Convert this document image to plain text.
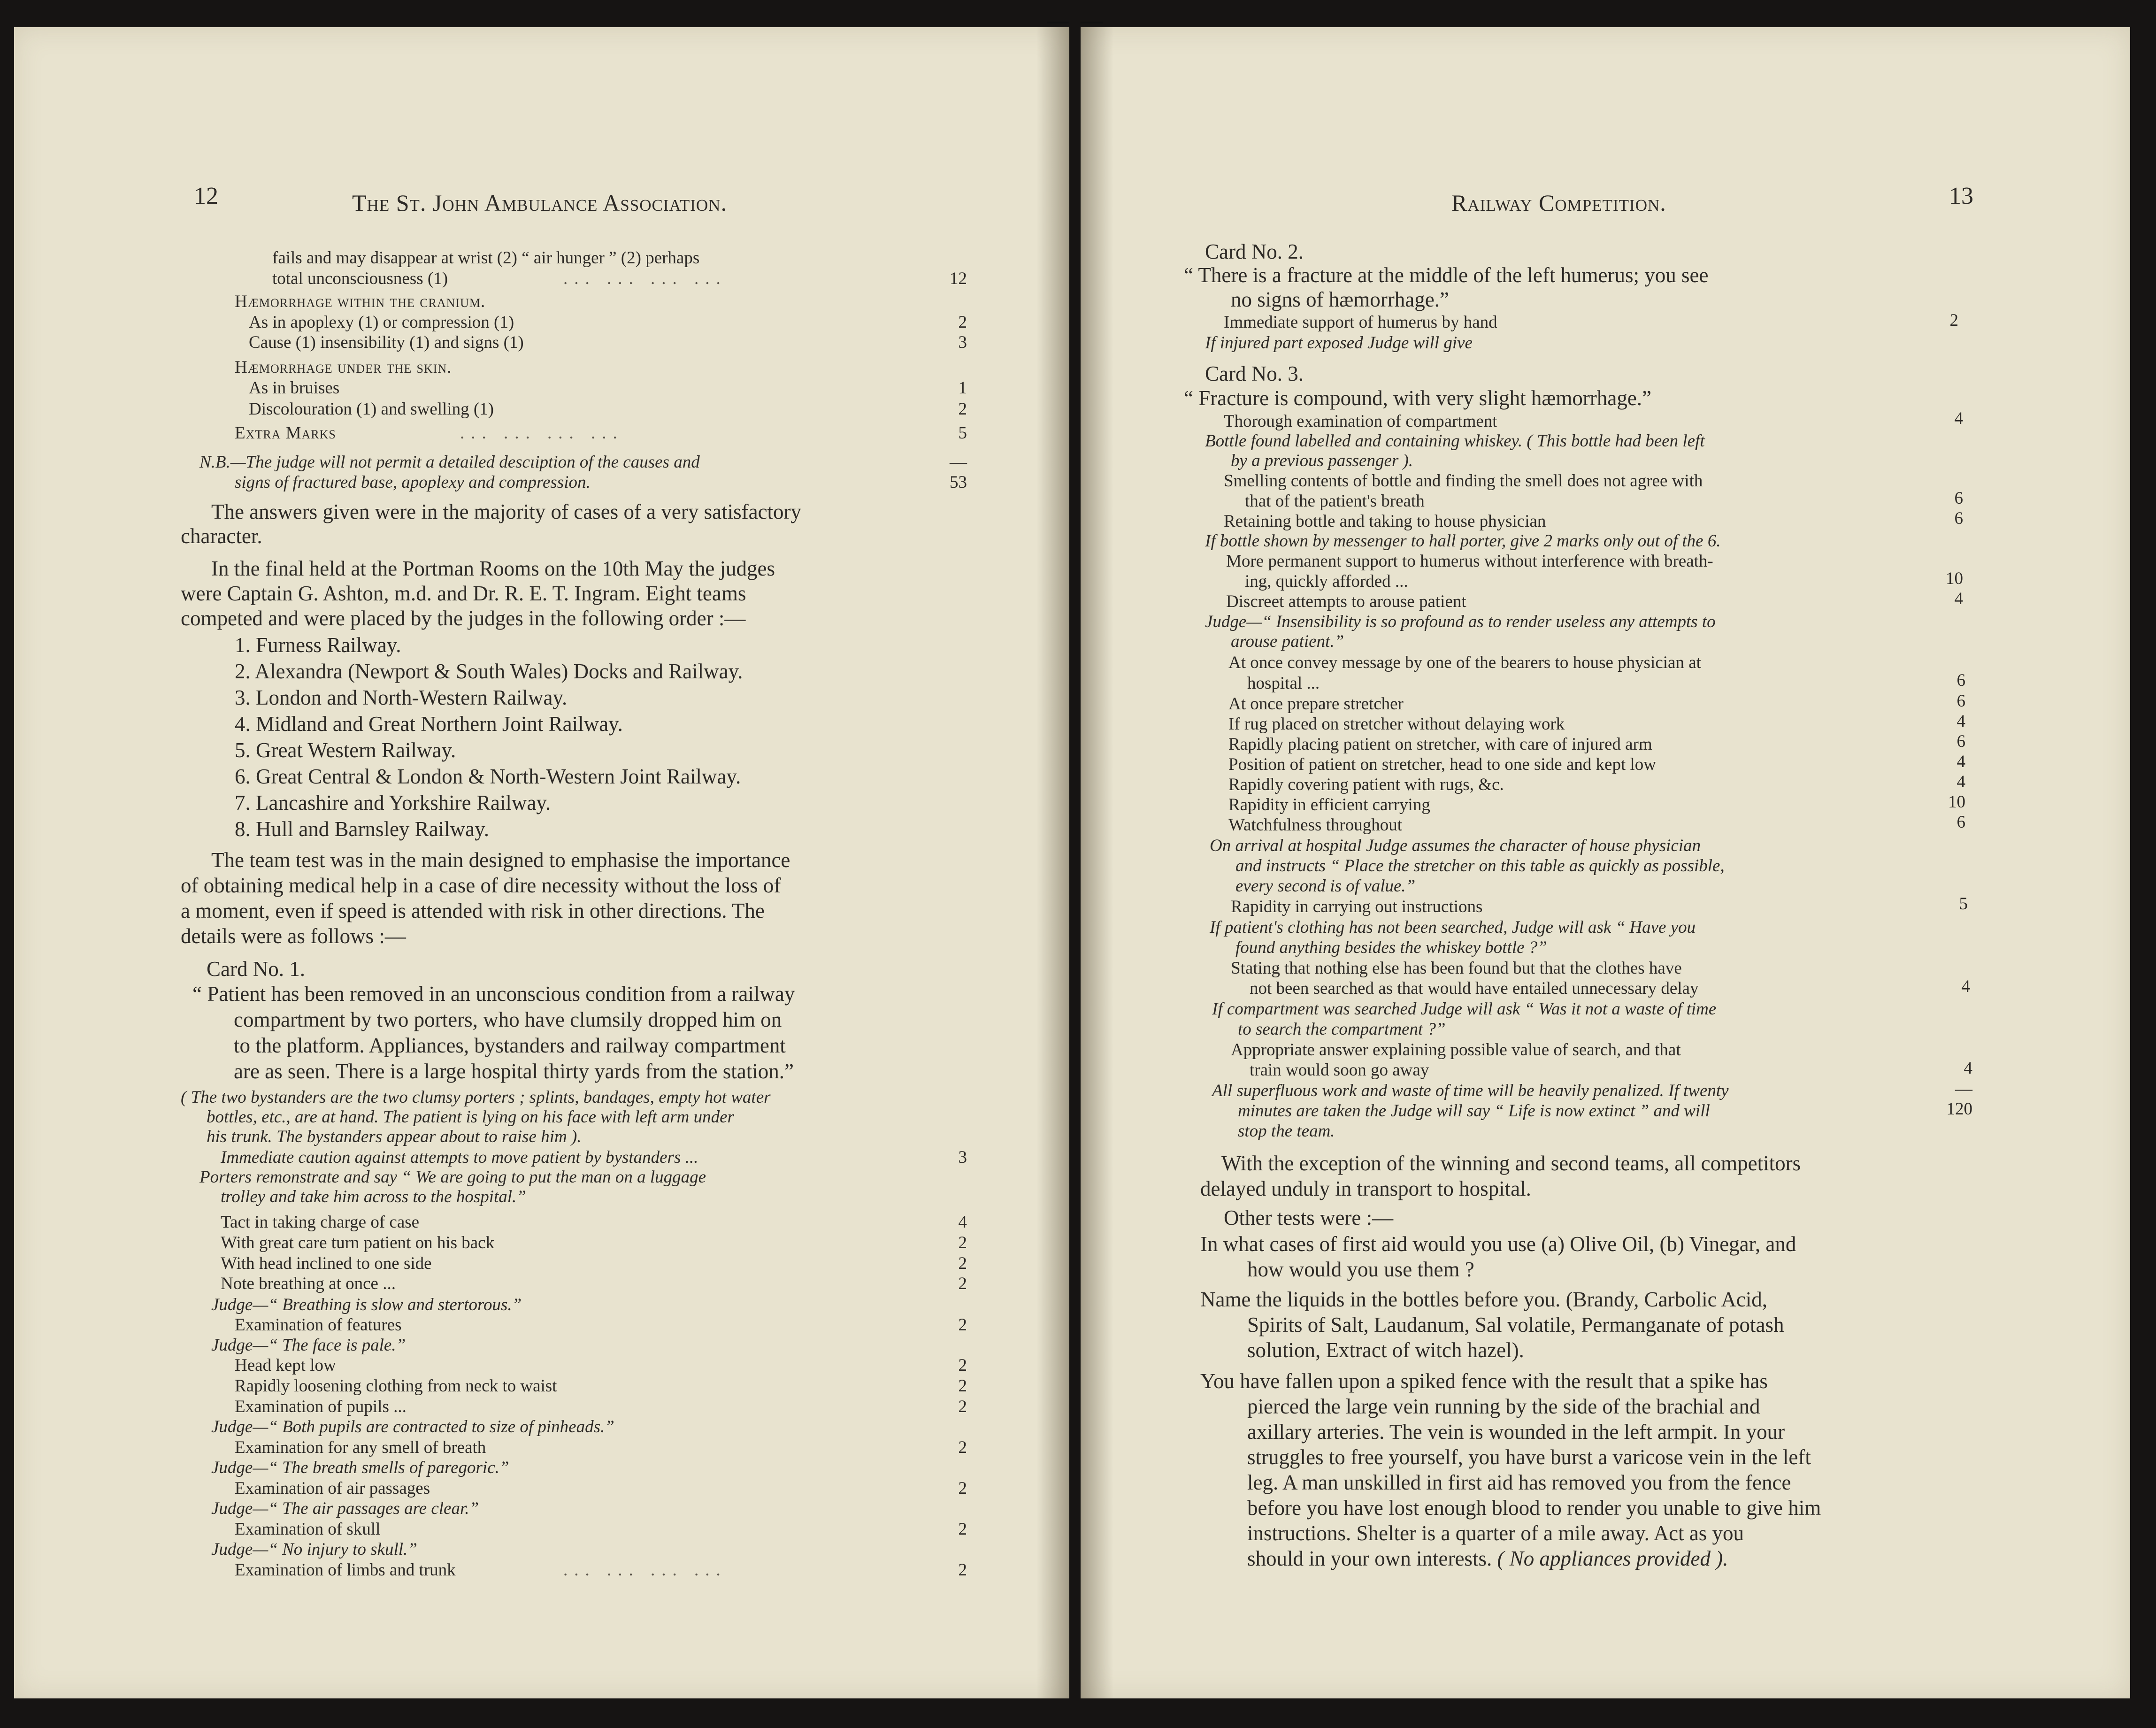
12	The St. John Ambulance Association.
fails and may disappear at wrist (2) “ air hunger ” (2) perhaps
total unconsciousness (1)	... ... ... ...	12
Hæmorrhage within the cranium.
As in apoplexy (1) or compression (1)	2
Cause (1) insensibility (1) and signs (1)	3
Hæmorrhage under the skin.
As in bruises	1
Discolouration (1) and swelling (1)	2
Extra Marks	... ... ... ...	5
N.B.—The judge will not permit a detailed descıiption of the causes and	—
signs of fractured base, apoplexy and compression.	53
The answers given were in the majority of cases of a very satisfactory
character.
In the final held at the Portman Rooms on the 10th May the judges
were Captain G. Ashton, m.d. and Dr. R. E. T. Ingram. Eight teams
competed and were placed by the judges in the following order :—
1. Furness Railway.
2. Alexandra (Newport & South Wales) Docks and Railway.
3. London and North-Western Railway.
4. Midland and Great Northern Joint Railway.
5. Great Western Railway.
6. Great Central & London & North-Western Joint Railway.
7. Lancashire and Yorkshire Railway.
8. Hull and Barnsley Railway.
The team test was in the main designed to emphasise the importance
of obtaining medical help in a case of dire necessity without the loss of
a moment, even if speed is attended with risk in other directions. The
details were as follows :—
Card No. 1.
“ Patient has been removed in an unconscious condition from a railway
compartment by two porters, who have clumsily dropped him on
to the platform. Appliances, bystanders and railway compartment
are as seen. There is a large hospital thirty yards from the station.”
( The two bystanders are the two clumsy porters ; splints, bandages, empty hot water
bottles, etc., are at hand. The patient is lying on his face with left arm under
his trunk. The bystanders appear about to raise him ).
Immediate caution against attempts to move patient by bystanders ...	3
Porters remonstrate and say “ We are going to put the man on a luggage
trolley and take him across to the hospital.”
Tact in taking charge of case	4
With great care turn patient on his back	2
With head inclined to one side	2
Note breathing at once ...	2
Judge—“ Breathing is slow and stertorous.”
Examination of features	2
Judge—“ The face is pale.”
Head kept low	2
Rapidly loosening clothing from neck to waist	2
Examination of pupils ...	2
Judge—“ Both pupils are contracted to size of pinheads.”
Examination for any smell of breath	2
Judge—“ The breath smells of paregoric.”
Examination of air passages	2
Judge—“ The air passages are clear.”
Examination of skull	2
Judge—“ No injury to skull.”
Examination of limbs and trunk	... ... ... ...	2
Railway Competition.	13
Card No. 2.
“ There is a fracture at the middle of the left humerus; you see
no signs of hæmorrhage.”
Immediate support of humerus by hand	2
If injured part exposed Judge will give
Card No. 3.
“ Fracture is compound, with very slight hæmorrhage.”
Thorough examination of compartment	4
Bottle found labelled and containing whiskey. ( This bottle had been left
by a previous passenger ).
Smelling contents of bottle and finding the smell does not agree with
that of the patient's breath	6
Retaining bottle and taking to house physician	6
If bottle shown by messenger to hall porter, give 2 marks only out of the 6.
More permanent support to humerus without interference with breath-
ing, quickly afforded ...	10
Discreet attempts to arouse patient	4
Judge—“ Insensibility is so profound as to render useless any attempts to
arouse patient.”
At once convey message by one of the bearers to house physician at
hospital ...	6
At once prepare stretcher	6
If rug placed on stretcher without delaying work	4
Rapidly placing patient on stretcher, with care of injured arm	6
Position of patient on stretcher, head to one side and kept low	4
Rapidly covering patient with rugs, &c.	4
Rapidity in efficient carrying	10
Watchfulness throughout	6
On arrival at hospital Judge assumes the character of house physician
and instructs “ Place the stretcher on this table as quickly as possible,
every second is of value.”
Rapidity in carrying out instructions	5
If patient's clothing has not been searched, Judge will ask “ Have you
found anything besides the whiskey bottle ?”
Stating that nothing else has been found but that the clothes have
not been searched as that would have entailed unnecessary delay	4
If compartment was searched Judge will ask “ Was it not a waste of time
to search the compartment ?”
Appropriate answer explaining possible value of search, and that
train would soon go away	4
All superfluous work and waste of time will be heavily penalized. If twenty	—
minutes are taken the Judge will say “ Life is now extinct ” and will	120
stop the team.
With the exception of the winning and second teams, all competitors
delayed unduly in transport to hospital.
Other tests were :—
In what cases of first aid would you use (a) Olive Oil, (b) Vinegar, and
how would you use them ?
Name the liquids in the bottles before you. (Brandy, Carbolic Acid,
Spirits of Salt, Laudanum, Sal volatile, Permanganate of potash
solution, Extract of witch hazel).
You have fallen upon a spiked fence with the result that a spike has
pierced the large vein running by the side of the brachial and
axillary arteries. The vein is wounded in the left armpit. In your
struggles to free yourself, you have burst a varicose vein in the left
leg. A man unskilled in first aid has removed you from the fence
before you have lost enough blood to render you unable to give him
instructions. Shelter is a quarter of a mile away. Act as you
should in your own interests. ( No appliances provided ).
